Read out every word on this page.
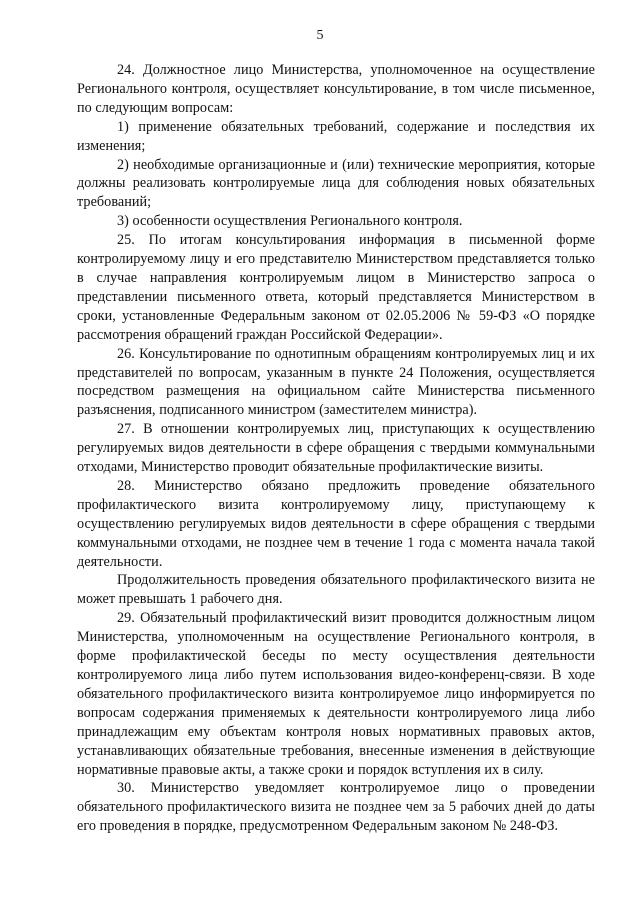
5

24. Должностное лицо Министерства, уполномоченное на осуществление Регионального контроля, осуществляет консультирование, в том числе письменное, по следующим вопросам:

1) применение обязательных требований, содержание и последствия их изменения;

2) необходимые организационные и (или) технические мероприятия, которые должны реализовать контролируемые лица для соблюдения новых обязательных требований;

3) особенности осуществления Регионального контроля.

25. По итогам консультирования информация в письменной форме контролируемому лицу и его представителю Министерством представляется только в случае направления контролируемым лицом в Министерство запроса о представлении письменного ответа, который представляется Министерством в сроки, установленные Федеральным законом от 02.05.2006 № 59-ФЗ «О порядке рассмотрения обращений граждан Российской Федерации».

26. Консультирование по однотипным обращениям контролируемых лиц и их представителей по вопросам, указанным в пункте 24 Положения, осуществляется посредством размещения на официальном сайте Министерства письменного разъяснения, подписанного министром (заместителем министра).

27. В отношении контролируемых лиц, приступающих к осуществлению регулируемых видов деятельности в сфере обращения с твердыми коммунальными отходами, Министерство проводит обязательные профилактические визиты.

28. Министерство обязано предложить проведение обязательного профилактического визита контролируемому лицу, приступающему к осуществлению регулируемых видов деятельности в сфере обращения с твердыми коммунальными отходами, не позднее чем в течение 1 года с момента начала такой деятельности.

Продолжительность проведения обязательного профилактического визита не может превышать 1 рабочего дня.

29. Обязательный профилактический визит проводится должностным лицом Министерства, уполномоченным на осуществление Регионального контроля, в форме профилактической беседы по месту осуществления деятельности контролируемого лица либо путем использования видео-конференц-связи. В ходе обязательного профилактического визита контролируемое лицо информируется по вопросам содержания применяемых к деятельности контролируемого лица либо принадлежащим ему объектам контроля новых нормативных правовых актов, устанавливающих обязательные требования, внесенные изменения в действующие нормативные правовые акты, а также сроки и порядок вступления их в силу.

30. Министерство уведомляет контролируемое лицо о проведении обязательного профилактического визита не позднее чем за 5 рабочих дней до даты его проведения в порядке, предусмотренном Федеральным законом № 248-ФЗ.
